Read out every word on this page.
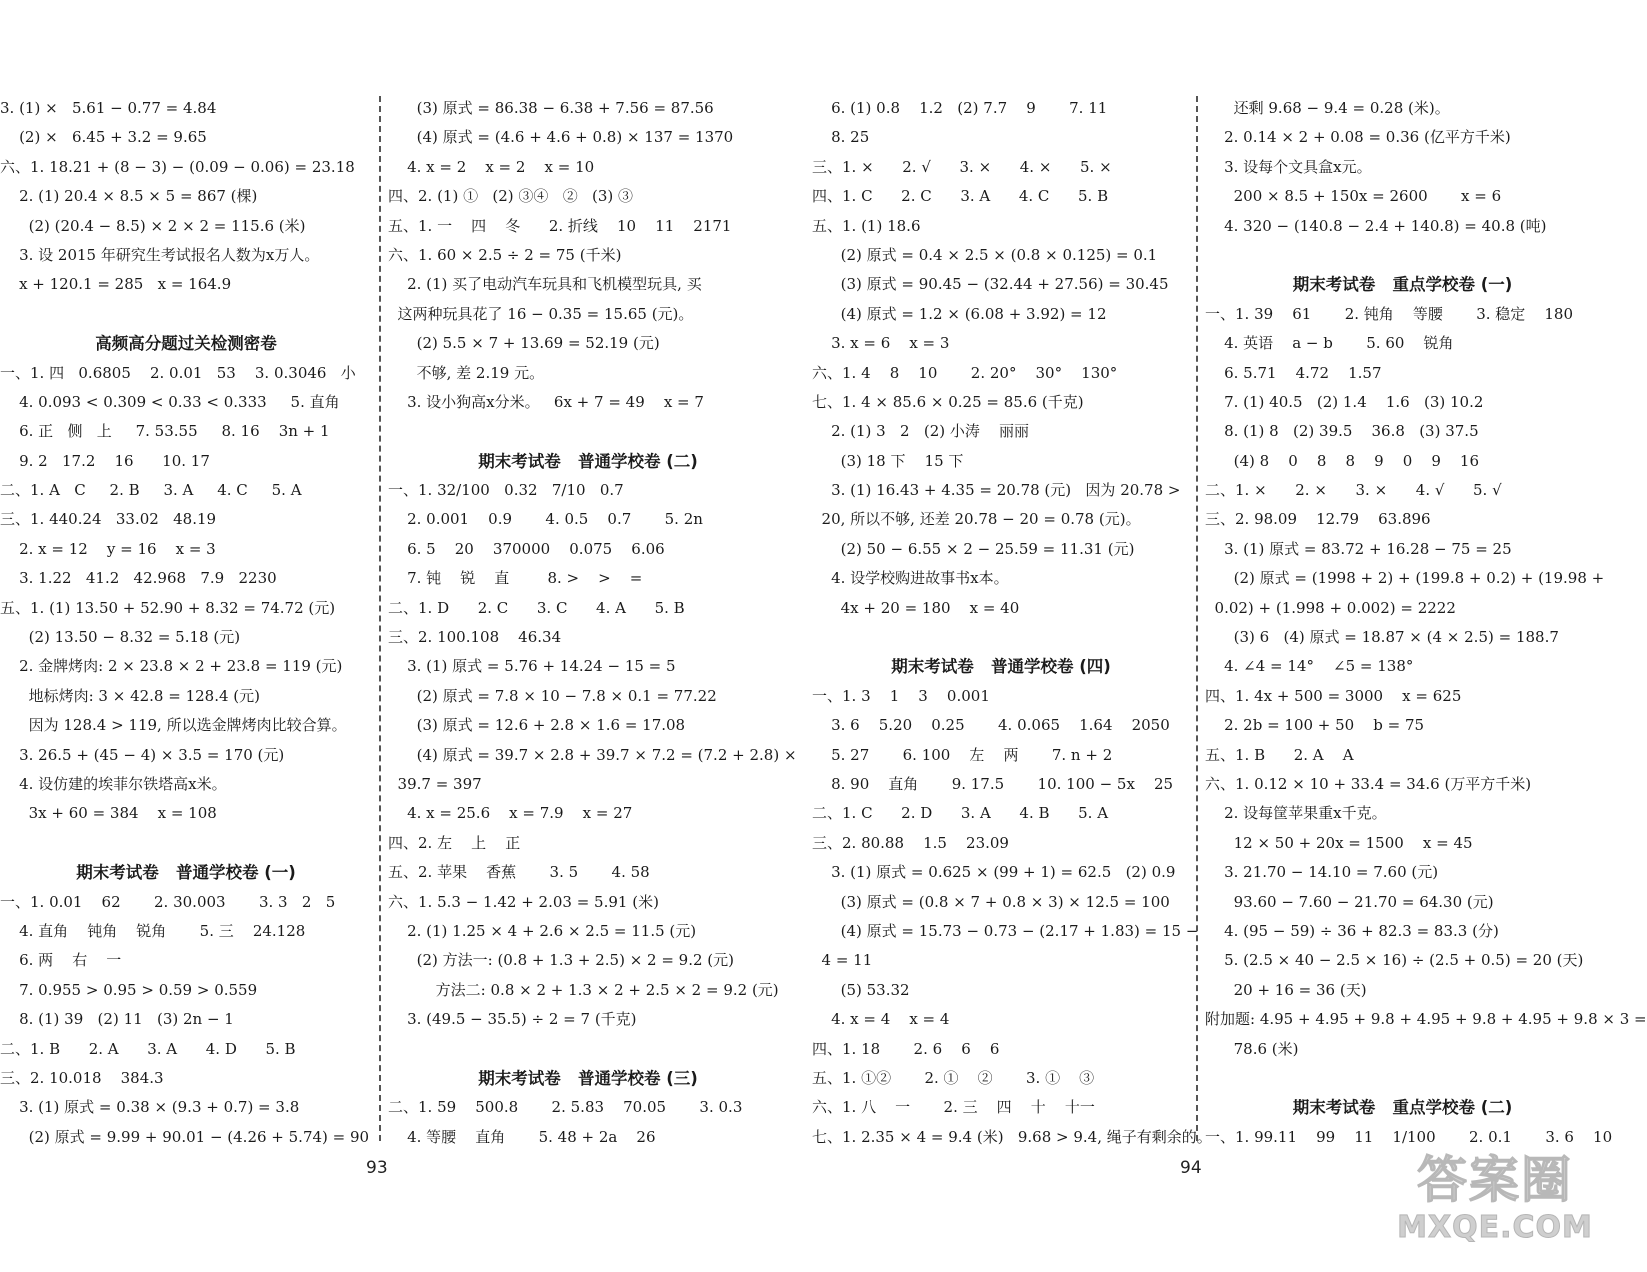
3. (1) ×   5.61 − 0.77 = 4.84
(2) ×   6.45 + 3.2 = 9.65
六、1. 18.21 + (8 − 3) − (0.09 − 0.06) = 23.18
2. (1) 20.4 × 8.5 × 5 = 867 (棵)
(2) (20.4 − 8.5) × 2 × 2 = 115.6 (米)
3. 设 2015 年研究生考试报名人数为x万人。
x + 120.1 = 285   x = 164.9
高频高分题过关检测密卷
一、1. 四   0.6805    2. 0.01   53    3. 0.3046   小
4. 0.093 < 0.309 < 0.33 < 0.333     5. 直角
6. 正   侧   上     7. 53.55     8. 16    3n + 1
9. 2   17.2    16      10. 17
二、1. A   C     2. B     3. A     4. C     5. A
三、1. 440.24   33.02   48.19
2. x = 12    y = 16    x = 3
3. 1.22   41.2   42.968   7.9   2230
五、1. (1) 13.50 + 52.90 + 8.32 = 74.72 (元)
(2) 13.50 − 8.32 = 5.18 (元)
2. 金牌烤肉: 2 × 23.8 × 2 + 23.8 = 119 (元)
地标烤肉: 3 × 42.8 = 128.4 (元)
因为 128.4 > 119, 所以选金牌烤肉比较合算。
3. 26.5 + (45 − 4) × 3.5 = 170 (元)
4. 设仿建的埃菲尔铁塔高x米。
3x + 60 = 384    x = 108
期末考试卷   普通学校卷 (一)
一、1. 0.01    62       2. 30.003       3. 3   2   5
4. 直角    钝角    锐角       5. 三    24.128
6. 两    右    一
7. 0.955 > 0.95 > 0.59 > 0.559
8. (1) 39   (2) 11   (3) 2n − 1
二、1. B      2. A      3. A      4. D      5. B
三、2. 10.018    384.3
3. (1) 原式 = 0.38 × (9.3 + 0.7) = 3.8
(2) 原式 = 9.99 + 90.01 − (4.26 + 5.74) = 90
(3) 原式 = 86.38 − 6.38 + 7.56 = 87.56
(4) 原式 = (4.6 + 4.6 + 0.8) × 137 = 1370
4. x = 2    x = 2    x = 10
四、2. (1) ①   (2) ③④   ②   (3) ③
五、1. 一    四    冬      2. 折线    10    11    2171
六、1. 60 × 2.5 ÷ 2 = 75 (千米)
2. (1) 买了电动汽车玩具和飞机模型玩具, 买
这两种玩具花了 16 − 0.35 = 15.65 (元)。
(2) 5.5 × 7 + 13.69 = 52.19 (元)
不够, 差 2.19 元。
3. 设小狗高x分米。   6x + 7 = 49    x = 7
期末考试卷   普通学校卷 (二)
一、1. 32/100   0.32   7/10   0.7
2. 0.001    0.9       4. 0.5    0.7       5. 2n
6. 5    20    370000    0.075    6.06
7. 钝    锐    直        8. >    >    =
二、1. D      2. C      3. C      4. A      5. B
三、2. 100.108    46.34
3. (1) 原式 = 5.76 + 14.24 − 15 = 5
(2) 原式 = 7.8 × 10 − 7.8 × 0.1 = 77.22
(3) 原式 = 12.6 + 2.8 × 1.6 = 17.08
(4) 原式 = 39.7 × 2.8 + 39.7 × 7.2 = (7.2 + 2.8) ×
39.7 = 397
4. x = 25.6    x = 7.9    x = 27
四、2. 左    上    正
五、2. 苹果    香蕉       3. 5       4. 58
六、1. 5.3 − 1.42 + 2.03 = 5.91 (米)
2. (1) 1.25 × 4 + 2.6 × 2.5 = 11.5 (元)
(2) 方法一: (0.8 + 1.3 + 2.5) × 2 = 9.2 (元)
方法二: 0.8 × 2 + 1.3 × 2 + 2.5 × 2 = 9.2 (元)
3. (49.5 − 35.5) ÷ 2 = 7 (千克)
期末考试卷   普通学校卷 (三)
二、1. 59    500.8       2. 5.83    70.05       3. 0.3
4. 等腰    直角       5. 48 + 2a    26
6. (1) 0.8    1.2   (2) 7.7    9       7. 11
8. 25
三、1. ×      2. √      3. ×      4. ×      5. ×
四、1. C      2. C      3. A      4. C      5. B
五、1. (1) 18.6
(2) 原式 = 0.4 × 2.5 × (0.8 × 0.125) = 0.1
(3) 原式 = 90.45 − (32.44 + 27.56) = 30.45
(4) 原式 = 1.2 × (6.08 + 3.92) = 12
3. x = 6    x = 3
六、1. 4    8    10       2. 20°    30°    130°
七、1. 4 × 85.6 × 0.25 = 85.6 (千克)
2. (1) 3   2   (2) 小涛    丽丽
(3) 18 下    15 下
3. (1) 16.43 + 4.35 = 20.78 (元)   因为 20.78 >
20, 所以不够, 还差 20.78 − 20 = 0.78 (元)。
(2) 50 − 6.55 × 2 − 25.59 = 11.31 (元)
4. 设学校购进故事书x本。
4x + 20 = 180    x = 40
期末考试卷   普通学校卷 (四)
一、1. 3    1    3    0.001
3. 6    5.20    0.25       4. 0.065    1.64    2050
5. 27       6. 100    左    两       7. n + 2
8. 90    直角       9. 17.5       10. 100 − 5x    25
二、1. C      2. D      3. A      4. B      5. A
三、2. 80.88    1.5    23.09
3. (1) 原式 = 0.625 × (99 + 1) = 62.5   (2) 0.9
(3) 原式 = (0.8 × 7 + 0.8 × 3) × 12.5 = 100
(4) 原式 = 15.73 − 0.73 − (2.17 + 1.83) = 15 −
4 = 11
(5) 53.32
4. x = 4    x = 4
四、1. 18       2. 6    6    6
五、1. ①②       2. ①    ②       3. ①    ③
六、1. 八    一       2. 三    四    十    十一
七、1. 2.35 × 4 = 9.4 (米)   9.68 > 9.4, 绳子有剩余的。
还剩 9.68 − 9.4 = 0.28 (米)。
2. 0.14 × 2 + 0.08 = 0.36 (亿平方千米)
3. 设每个文具盒x元。
200 × 8.5 + 150x = 2600       x = 6
4. 320 − (140.8 − 2.4 + 140.8) = 40.8 (吨)
期末考试卷   重点学校卷 (一)
一、1. 39    61       2. 钝角    等腰       3. 稳定    180
4. 英语    a − b       5. 60    锐角
6. 5.71    4.72    1.57
7. (1) 40.5   (2) 1.4    1.6   (3) 10.2
8. (1) 8   (2) 39.5    36.8   (3) 37.5
(4) 8    0    8    8    9    0    9    16
二、1. ×      2. ×      3. ×      4. √      5. √
三、2. 98.09    12.79    63.896
3. (1) 原式 = 83.72 + 16.28 − 75 = 25
(2) 原式 = (1998 + 2) + (199.8 + 0.2) + (19.98 +
0.02) + (1.998 + 0.002) = 2222
(3) 6   (4) 原式 = 18.87 × (4 × 2.5) = 188.7
4. ∠4 = 14°    ∠5 = 138°
四、1. 4x + 500 = 3000    x = 625
2. 2b = 100 + 50    b = 75
五、1. B      2. A    A
六、1. 0.12 × 10 + 33.4 = 34.6 (万平方千米)
2. 设每筐苹果重x千克。
12 × 50 + 20x = 1500    x = 45
3. 21.70 − 14.10 = 7.60 (元)
93.60 − 7.60 − 21.70 = 64.30 (元)
4. (95 − 59) ÷ 36 + 82.3 = 83.3 (分)
5. (2.5 × 40 − 2.5 × 16) ÷ (2.5 + 0.5) = 20 (天)
20 + 16 = 36 (天)
附加题: 4.95 + 4.95 + 9.8 + 4.95 + 9.8 + 4.95 + 9.8 × 3 =
78.6 (米)
期末考试卷   重点学校卷 (二)
一、1. 99.11    99    11    1/100       2. 0.1       3. 6    10
93	94	答案圈
MXQE.COM
